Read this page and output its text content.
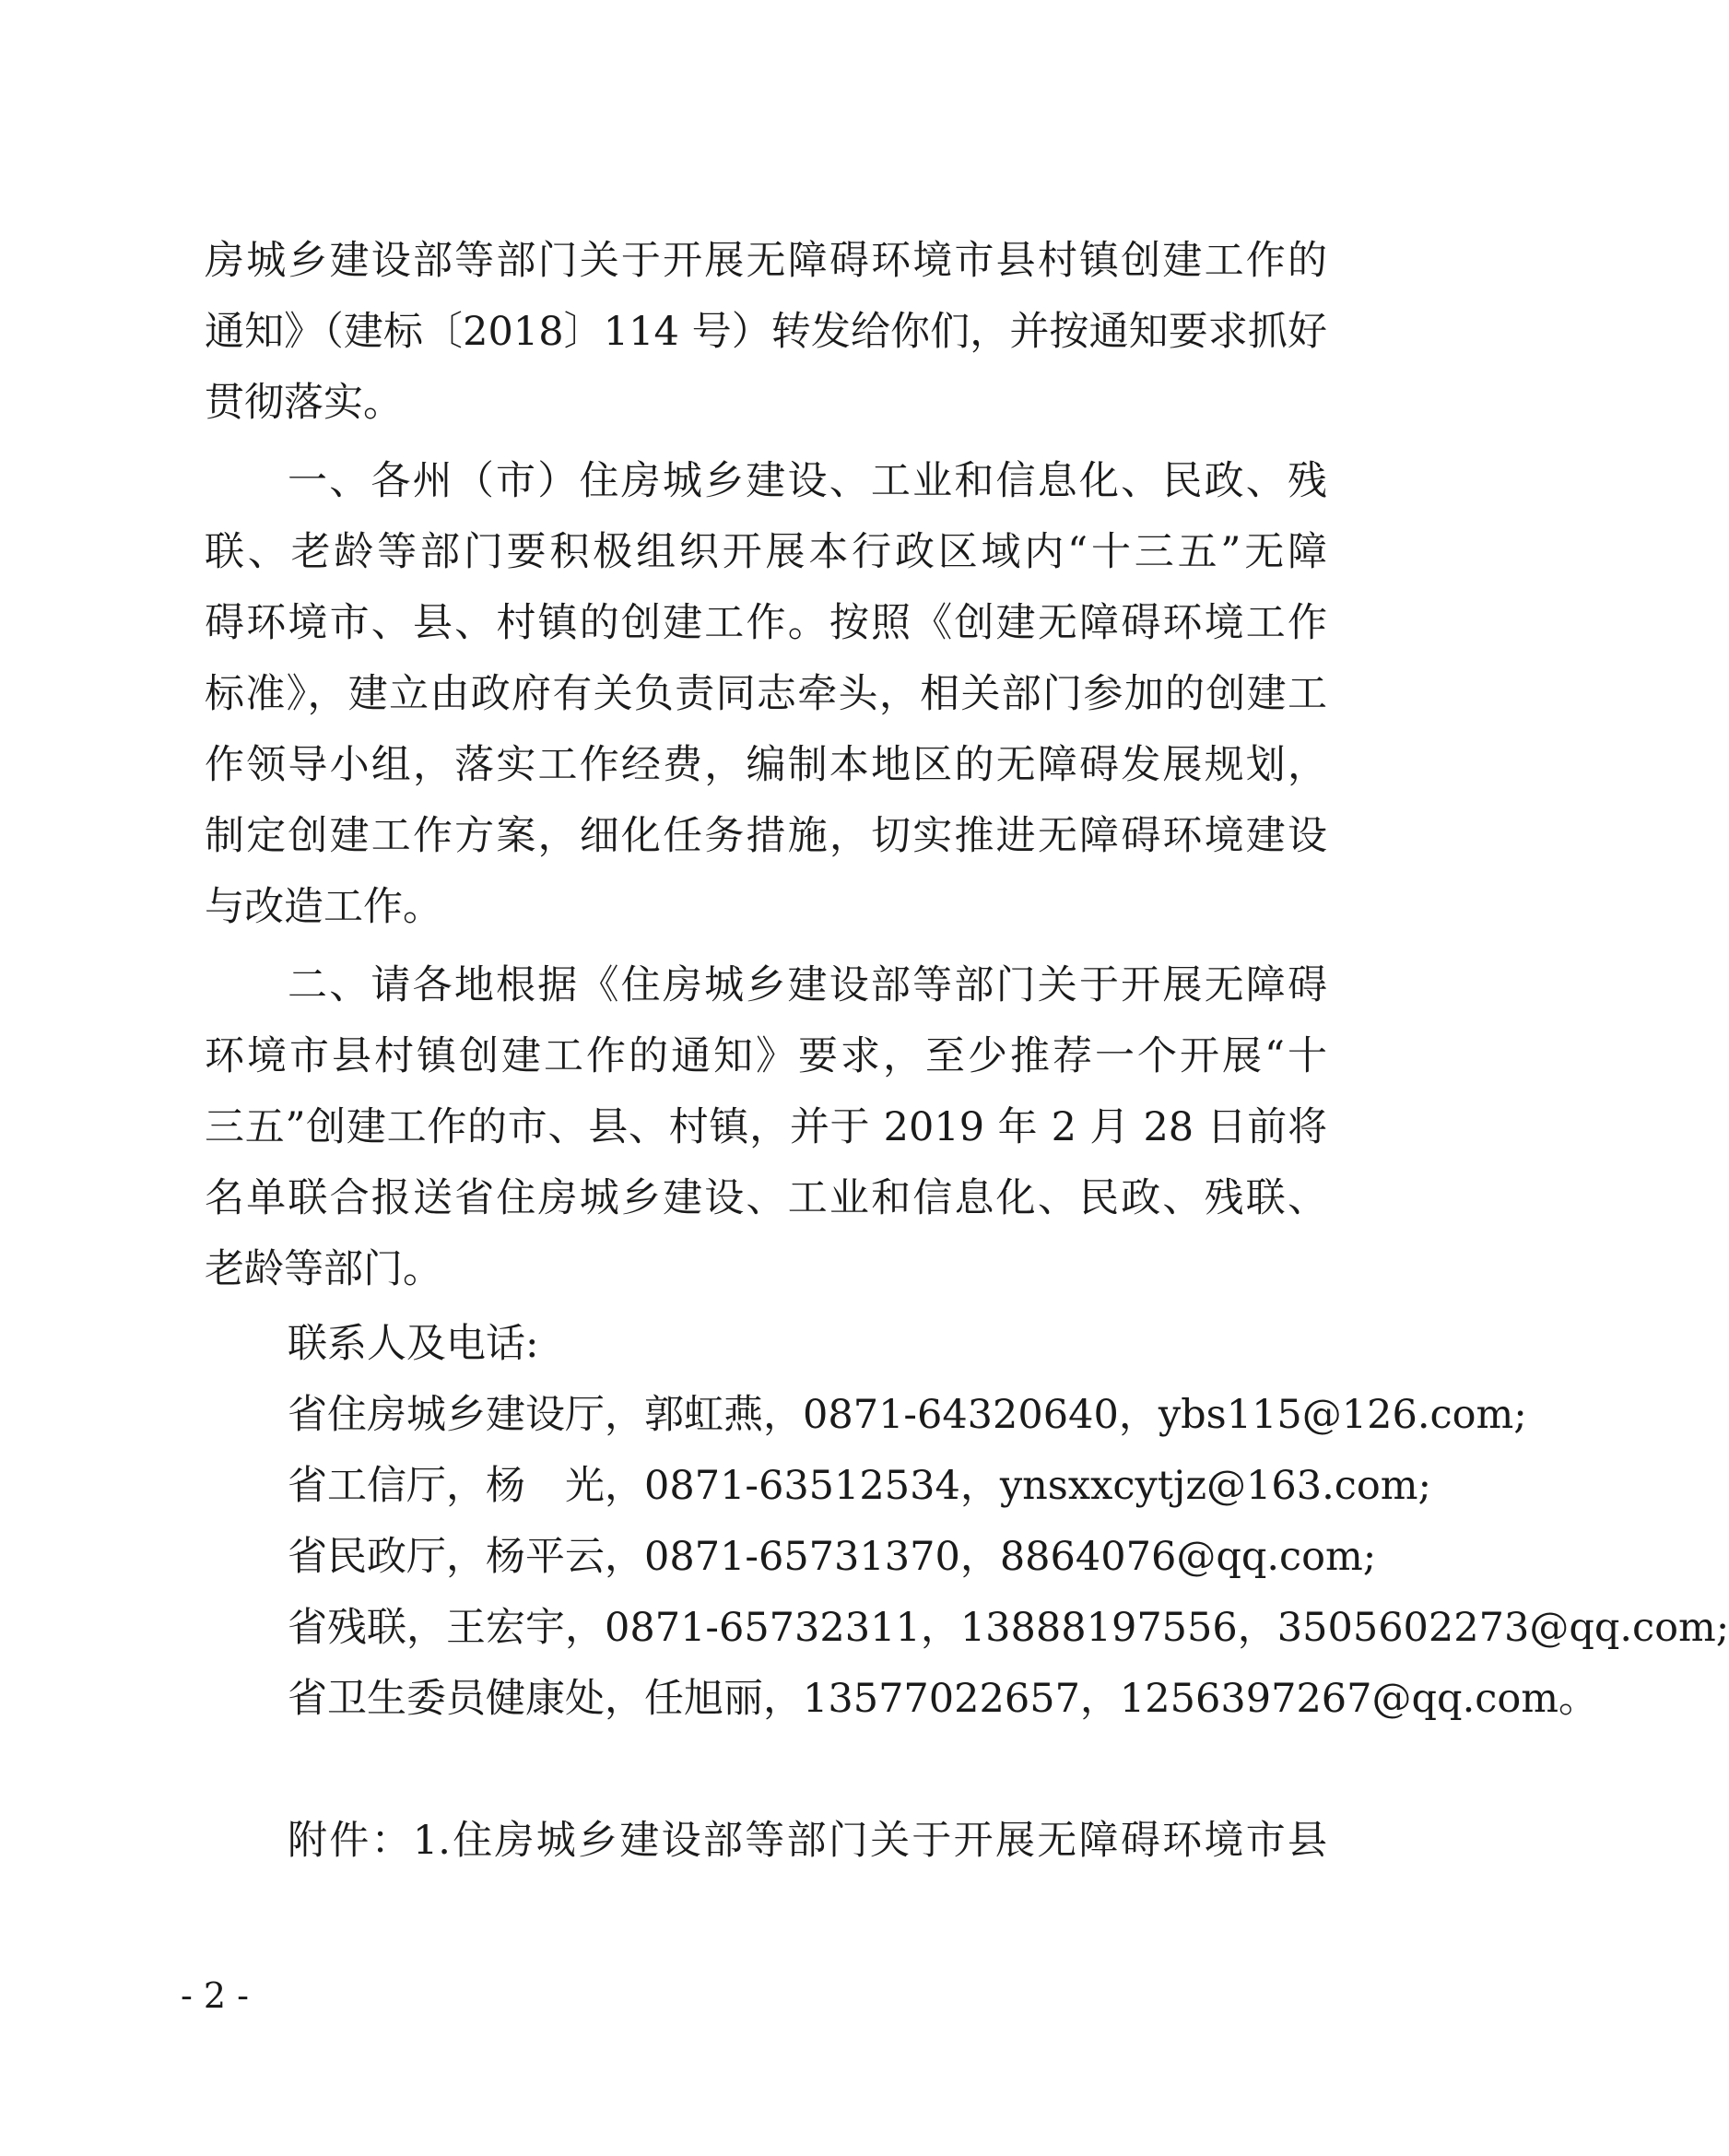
房城乡建设部等部门关于开展无障碍环境市县村镇创建工作的

通知》（建标〔2018〕114 号）转发给你们，并按通知要求抓好

贯彻落实。

一、各州（市）住房城乡建设、工业和信息化、民政、残

联、老龄等部门要积极组织开展本行政区域内“十三五”无障

碍环境市、县、村镇的创建工作。按照《创建无障碍环境工作

标准》，建立由政府有关负责同志牵头，相关部门参加的创建工

作领导小组，落实工作经费，编制本地区的无障碍发展规划，

制定创建工作方案，细化任务措施，切实推进无障碍环境建设

与改造工作。

二、请各地根据《住房城乡建设部等部门关于开展无障碍

环境市县村镇创建工作的通知》要求，至少推荐一个开展“十

三五”创建工作的市、县、村镇，并于 2019 年 2 月 28 日前将

名单联合报送省住房城乡建设、工业和信息化、民政、残联、

老龄等部门。

联系人及电话:

省住房城乡建设厅，郭虹燕，0871-64320640，ybs115@126.com;

省工信厅，杨　光，0871-63512534，ynsxxcytjz@163.com;

省民政厅，杨平云，0871-65731370，8864076@qq.com;

省残联，王宏宇，0871-65732311，13888197556，3505602273@qq.com;

省卫生委员健康处，任旭丽，13577022657，1256397267@qq.com。

附件：1.住房城乡建设部等部门关于开展无障碍环境市县

- 2 -
